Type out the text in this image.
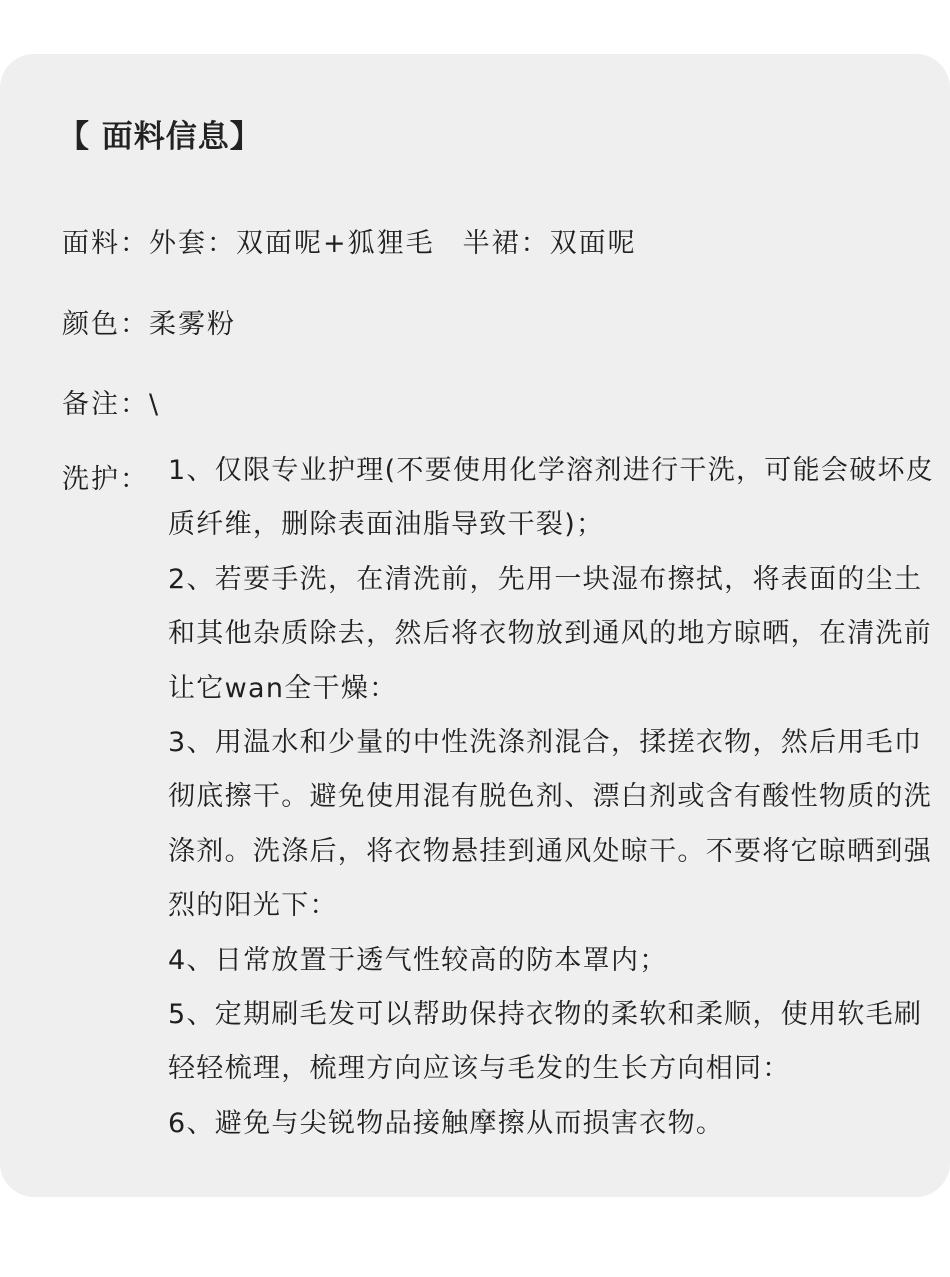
【 面料信息】
面料：外套：双面呢+狐狸毛 半裙：双面呢
颜色：柔雾粉
备注：\
洗护： 1、仅限专业护理(不要使用化学溶剂进行干洗，可能会破坏皮质纤维，删除表面油脂导致干裂)；
2、若要手洗，在清洗前，先用一块湿布擦拭，将表面的尘土和其他杂质除去，然后将衣物放到通风的地方晾晒，在清洗前让它wan全干燥：
3、用温水和少量的中性洗涤剂混合，揉搓衣物，然后用毛巾彻底擦干。避免使用混有脱色剂、漂白剂或含有酸性物质的洗涤剂。洗涤后，将衣物悬挂到通风处晾干。不要将它晾晒到强烈的阳光下：
4、日常放置于透气性较高的防本罩内；
5、定期刷毛发可以帮助保持衣物的柔软和柔顺，使用软毛刷轻轻梳理，梳理方向应该与毛发的生长方向相同：
6、避免与尖锐物品接触摩擦从而损害衣物。
